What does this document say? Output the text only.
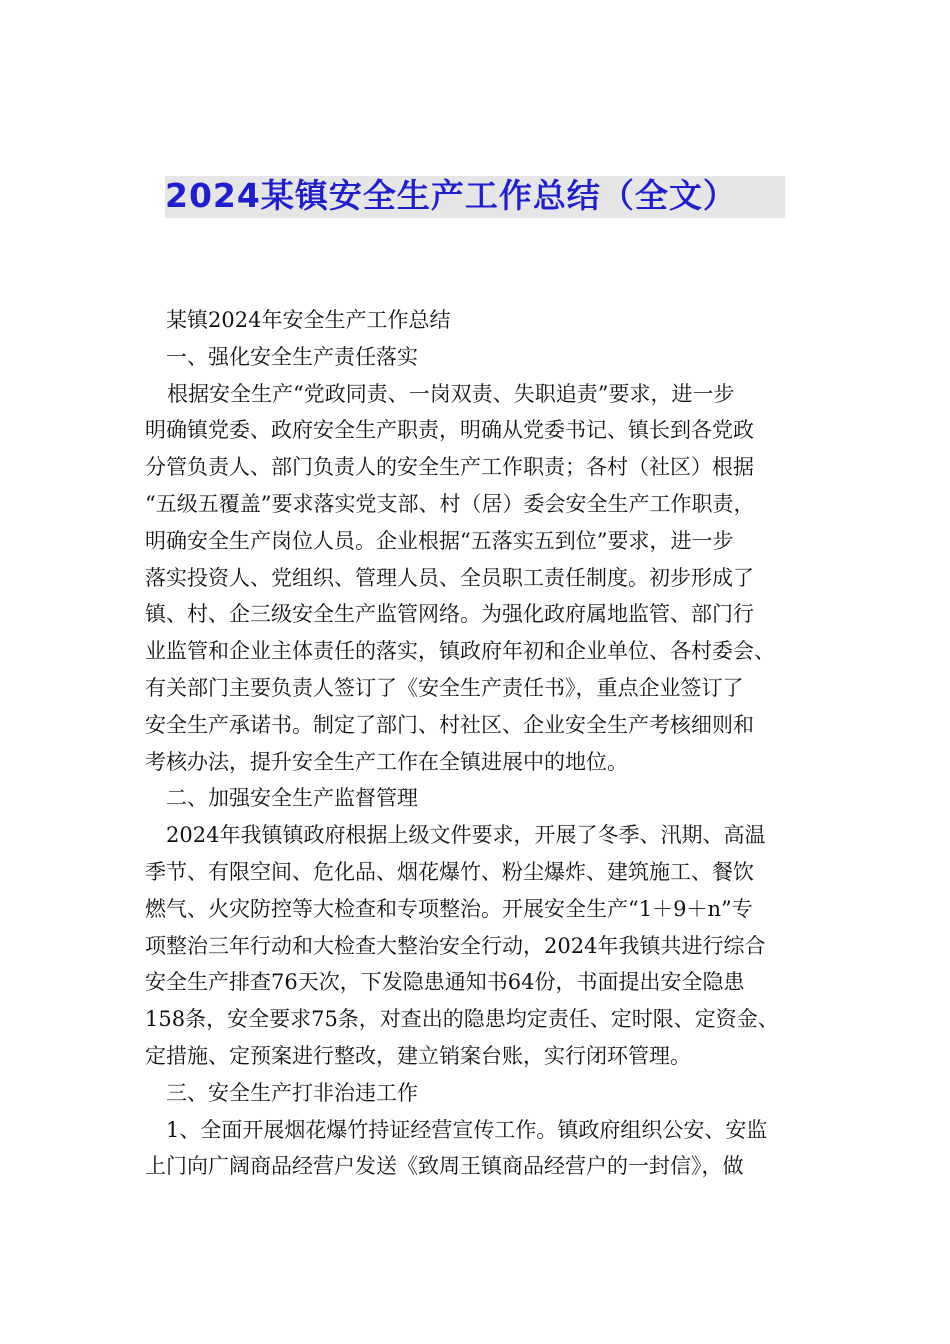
2024某镇安全生产工作总结（全文）
某镇2024年安全生产工作总结
一、强化安全生产责任落实
根据安全生产“党政同责、一岗双责、失职追责”要求，进一步
明确镇党委、政府安全生产职责，明确从党委书记、镇长到各党政
分管负责人、部门负责人的安全生产工作职责；各村（社区）根据
“五级五覆盖”要求落实党支部、村（居）委会安全生产工作职责，
明确安全生产岗位人员。企业根据“五落实五到位”要求，进一步
落实投资人、党组织、管理人员、全员职工责任制度。初步形成了
镇、村、企三级安全生产监管网络。为强化政府属地监管、部门行
业监管和企业主体责任的落实，镇政府年初和企业单位、各村委会、
有关部门主要负责人签订了《安全生产责任书》，重点企业签订了
安全生产承诺书。制定了部门、村社区、企业安全生产考核细则和
考核办法，提升安全生产工作在全镇进展中的地位。
二、加强安全生产监督管理
2024年我镇镇政府根据上级文件要求，开展了冬季、汛期、高温
季节、有限空间、危化品、烟花爆竹、粉尘爆炸、建筑施工、餐饮
燃气、火灾防控等大检查和专项整治。开展安全生产“1＋9＋n”专
项整治三年行动和大检查大整治安全行动，2024年我镇共进行综合
安全生产排查76天次，下发隐患通知书64份，书面提出安全隐患
158条，安全要求75条，对查出的隐患均定责任、定时限、定资金、
定措施、定预案进行整改，建立销案台账，实行闭环管理。
三、安全生产打非治违工作
1、全面开展烟花爆竹持证经营宣传工作。镇政府组织公安、安监
上门向广阔商品经营户发送《致周王镇商品经营户的一封信》，做
